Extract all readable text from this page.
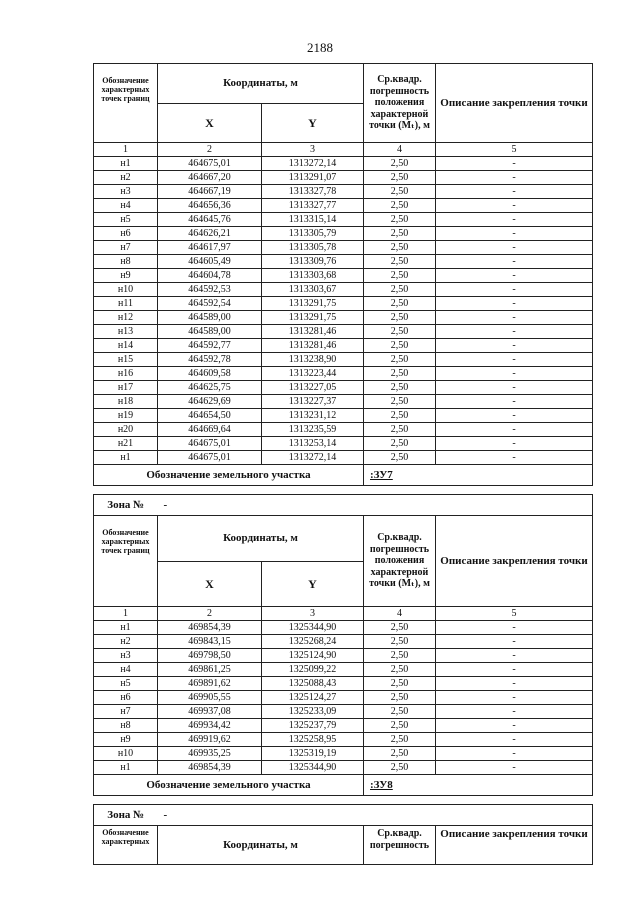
2188
Обозначение характерных точек границ	Координаты, м		Ср.квадр. погрешность положения характерной точки (Mₜ), м	Описание закрепления точки
	X	Y		
1	2	3	4	5
н1	464675,01	1313272,14	2,50	-
н2	464667,20	1313291,07	2,50	-
н3	464667,19	1313327,78	2,50	-
н4	464656,36	1313327,77	2,50	-
н5	464645,76	1313315,14	2,50	-
н6	464626,21	1313305,79	2,50	-
н7	464617,97	1313305,78	2,50	-
н8	464605,49	1313309,76	2,50	-
н9	464604,78	1313303,68	2,50	-
н10	464592,53	1313303,67	2,50	-
н11	464592,54	1313291,75	2,50	-
н12	464589,00	1313291,75	2,50	-
н13	464589,00	1313281,46	2,50	-
н14	464592,77	1313281,46	2,50	-
н15	464592,78	1313238,90	2,50	-
н16	464609,58	1313223,44	2,50	-
н17	464625,75	1313227,05	2,50	-
н18	464629,69	1313227,37	2,50	-
н19	464654,50	1313231,12	2,50	-
н20	464669,64	1313235,59	2,50	-
н21	464675,01	1313253,14	2,50	-
н1	464675,01	1313272,14	2,50	-
Обозначение земельного участка			:ЗУ7	

Зона №	-			
Обозначение характерных точек границ	Координаты, м		Ср.квадр. погрешность положения характерной точки (Mₜ), м	Описание закрепления точки
	X	Y		
1	2	3	4	5
н1	469854,39	1325344,90	2,50	-
н2	469843,15	1325268,24	2,50	-
н3	469798,50	1325124,90	2,50	-
н4	469861,25	1325099,22	2,50	-
н5	469891,62	1325088,43	2,50	-
н6	469905,55	1325124,27	2,50	-
н7	469937,08	1325233,09	2,50	-
н8	469934,42	1325237,79	2,50	-
н9	469919,62	1325258,95	2,50	-
н10	469935,25	1325319,19	2,50	-
н1	469854,39	1325344,90	2,50	-
Обозначение земельного участка			:ЗУ8	

Зона №	-			
Обозначение характерных	Координаты, м		Ср.квадр. погрешность	Описание закрепления точки
